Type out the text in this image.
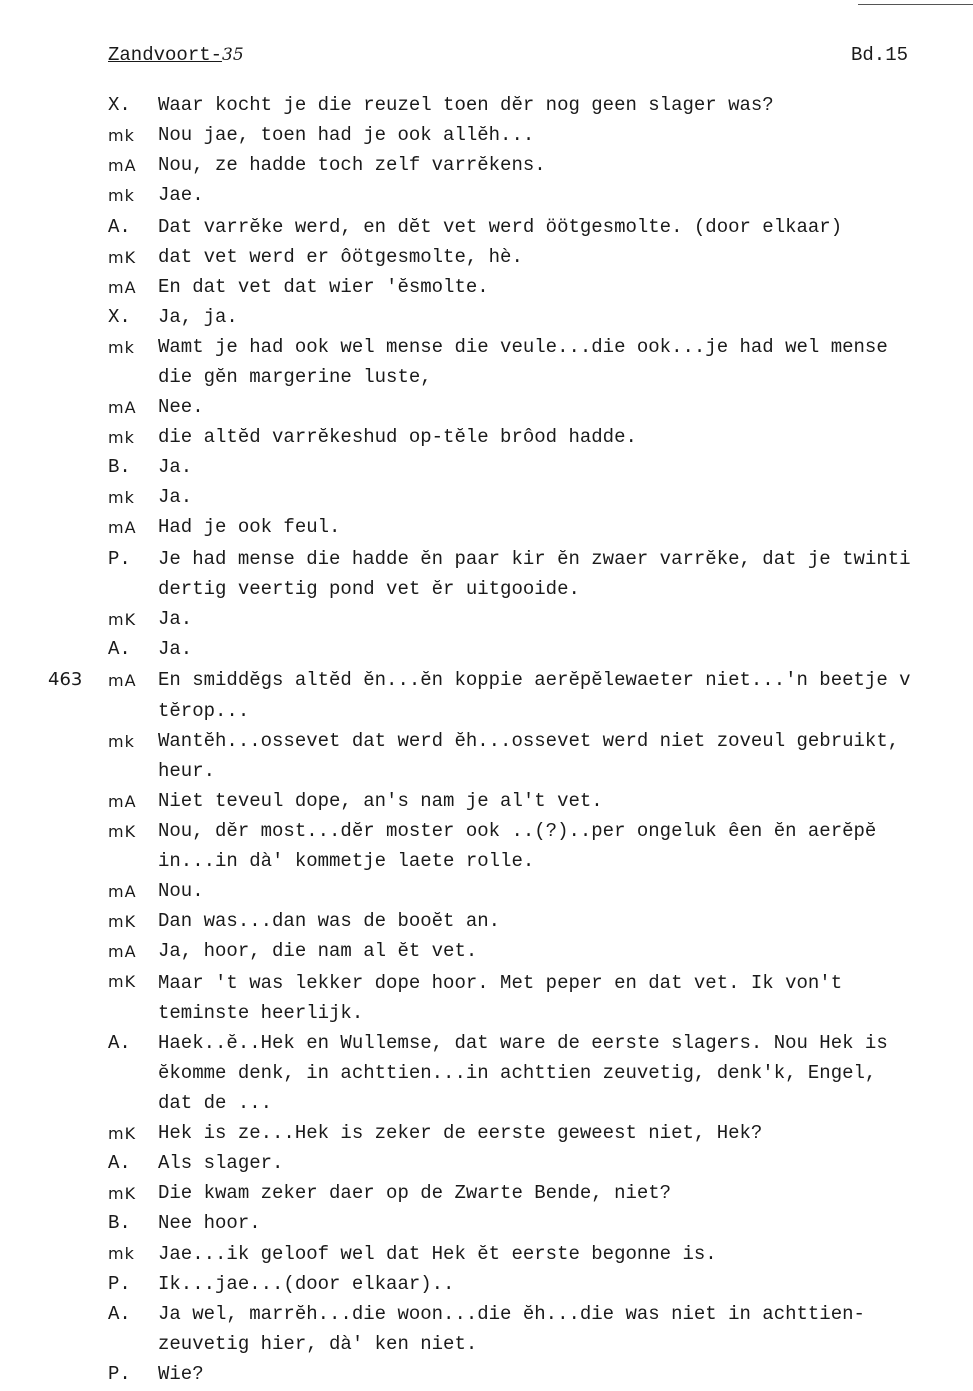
Zandvoort-35	Bd.15
463
X. Waar kocht je die reuzel toen dĕr nog geen slager was?
mk Nou jae, toen had je ook allĕh...
mA Nou, ze hadde toch zelf varrĕkens.
mk Jae.
A. Dat varrĕke werd, en dĕt vet werd öötgesmolte. (door elkaar)
mK dat vet werd er ôötgesmolte, hè.
mA En dat vet dat wier 'ĕsmolte.
X. Ja, ja.
mk Wamt je had ook wel mense die veule...die ook...je had wel mense
die gĕn margerine luste,
mA Nee.
mk die altĕd varrĕkeshud op-tĕle brôod hadde.
B. Ja.
mk Ja.
mA Had je ook feul.
P. Je had mense die hadde ĕn paar kir ĕn zwaer varrĕke, dat je twinti
dertig veertig pond vet ĕr uitgooide.
mK Ja.
A. Ja.
mA En smiddĕgs altĕd ĕn...ĕn koppie aerĕpĕlewaeter niet...'n beetje v
tĕrop...
mk Wantĕh...ossevet dat werd ĕh...ossevet werd niet zoveul gebruikt,
heur.
mA Niet teveul dope, an's nam je al't vet.
mK Nou, dĕr most...dĕr moster ook ..(?)..per ongeluk êen ĕn aerĕpĕ
in...in dà' kommetje laete rolle.
mA Nou.
mK Dan was...dan was de booĕt an.
mA Ja, hoor, die nam al ĕt vet.
mK Maar 't was lekker dope hoor. Met peper en dat vet. Ik von't
teminste heerlijk.
A. Haek..ĕ..Hek en Wullemse, dat ware de eerste slagers. Nou Hek is
ĕkomme denk, in achttien...in achttien zeuvetig, denk'k, Engel,
dat de ...
mK Hek is ze...Hek is zeker de eerste geweest niet, Hek?
A. Als slager.
mK Die kwam zeker daer op de Zwarte Bende, niet?
B. Nee hoor.
mk Jae...ik geloof wel dat Hek ĕt eerste begonne is.
P. Ik...jae...(door elkaar)..
A. Ja wel, marrĕh...die woon...die ĕh...die was niet in achttien-
zeuvetig hier, dà' ken niet.
P. Wie?
